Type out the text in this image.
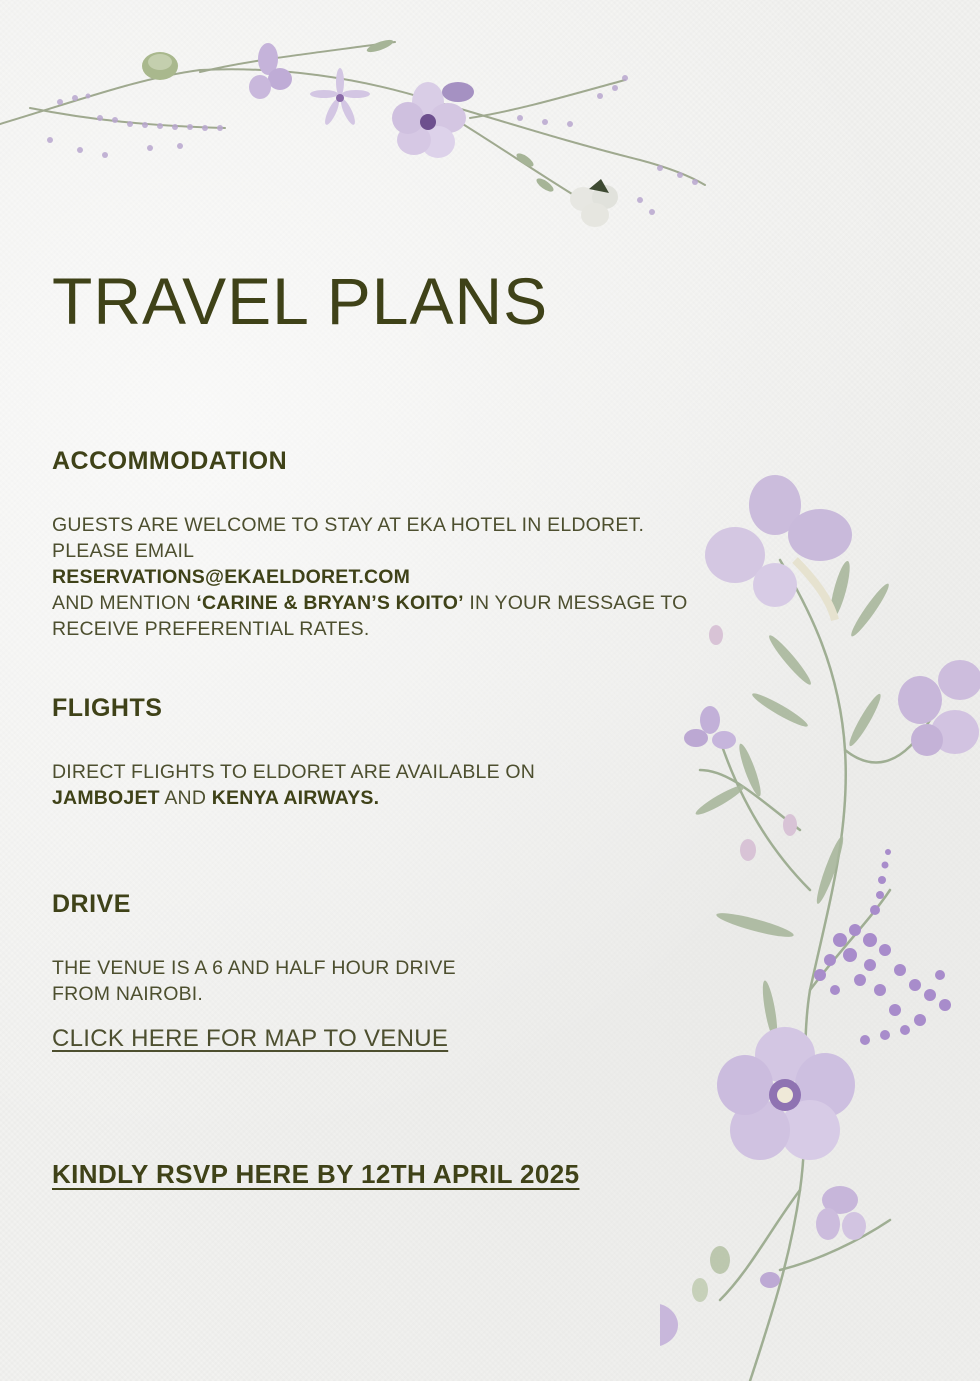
TRAVEL PLANS
ACCOMMODATION
GUESTS ARE WELCOME TO STAY AT EKA HOTEL IN ELDORET.
PLEASE EMAIL
RESERVATIONS@EKAELDORET.COM
AND MENTION ‘CARINE & BRYAN’S KOITO’ IN YOUR MESSAGE TO
RECEIVE PREFERENTIAL RATES.
FLIGHTS
DIRECT FLIGHTS TO ELDORET ARE AVAILABLE ON
JAMBOJET AND KENYA AIRWAYS.
DRIVE
THE VENUE IS A 6 AND HALF HOUR DRIVE
FROM NAIROBI.
CLICK HERE FOR MAP TO VENUE
KINDLY RSVP HERE BY 12TH APRIL 2025
